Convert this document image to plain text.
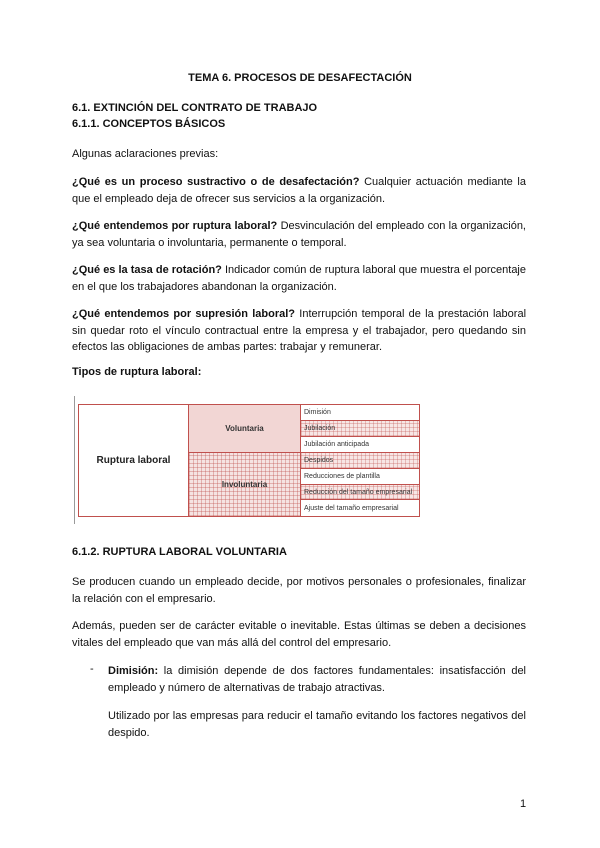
TEMA 6. PROCESOS DE DESAFECTACIÓN
6.1. EXTINCIÓN DEL CONTRATO DE TRABAJO
6.1.1. CONCEPTOS BÁSICOS

Algunas aclaraciones previas:

¿Qué es un proceso sustractivo o de desafectación? Cualquier actuación mediante la que el empleado deja de ofrecer sus servicios a la organización.

¿Qué entendemos por ruptura laboral? Desvinculación del empleado con la organización, ya sea voluntaria o involuntaria, permanente o temporal.

¿Qué es la tasa de rotación? Indicador común de ruptura laboral que muestra el porcentaje en el que los trabajadores abandonan la organización.

¿Qué entendemos por supresión laboral? Interrupción temporal de la prestación laboral sin quedar roto el vínculo contractual entre la empresa y el trabajador, pero quedando sin efectos las obligaciones de ambas partes: trabajar y remunerar.

Tipos de ruptura laboral:
Ruptura laboral
Voluntaria
Involuntaria
Dimisión
Jubilación
Jubilación anticipada
Despidos
Reducciones de plantilla
Reducción del tamaño empresarial
Ajuste del tamaño empresarial
6.1.2. RUPTURA LABORAL VOLUNTARIA

Se producen cuando un empleado decide, por motivos personales o profesionales, finalizar la relación con el empresario.

Además, pueden ser de carácter evitable o inevitable. Estas últimas se deben a decisiones vitales del empleado que van más allá del control del empresario.

- Dimisión: la dimisión depende de dos factores fundamentales: insatisfacción del empleado y número de alternativas de trabajo atractivas.

Utilizado por las empresas para reducir el tamaño evitando los factores negativos del despido.

1
